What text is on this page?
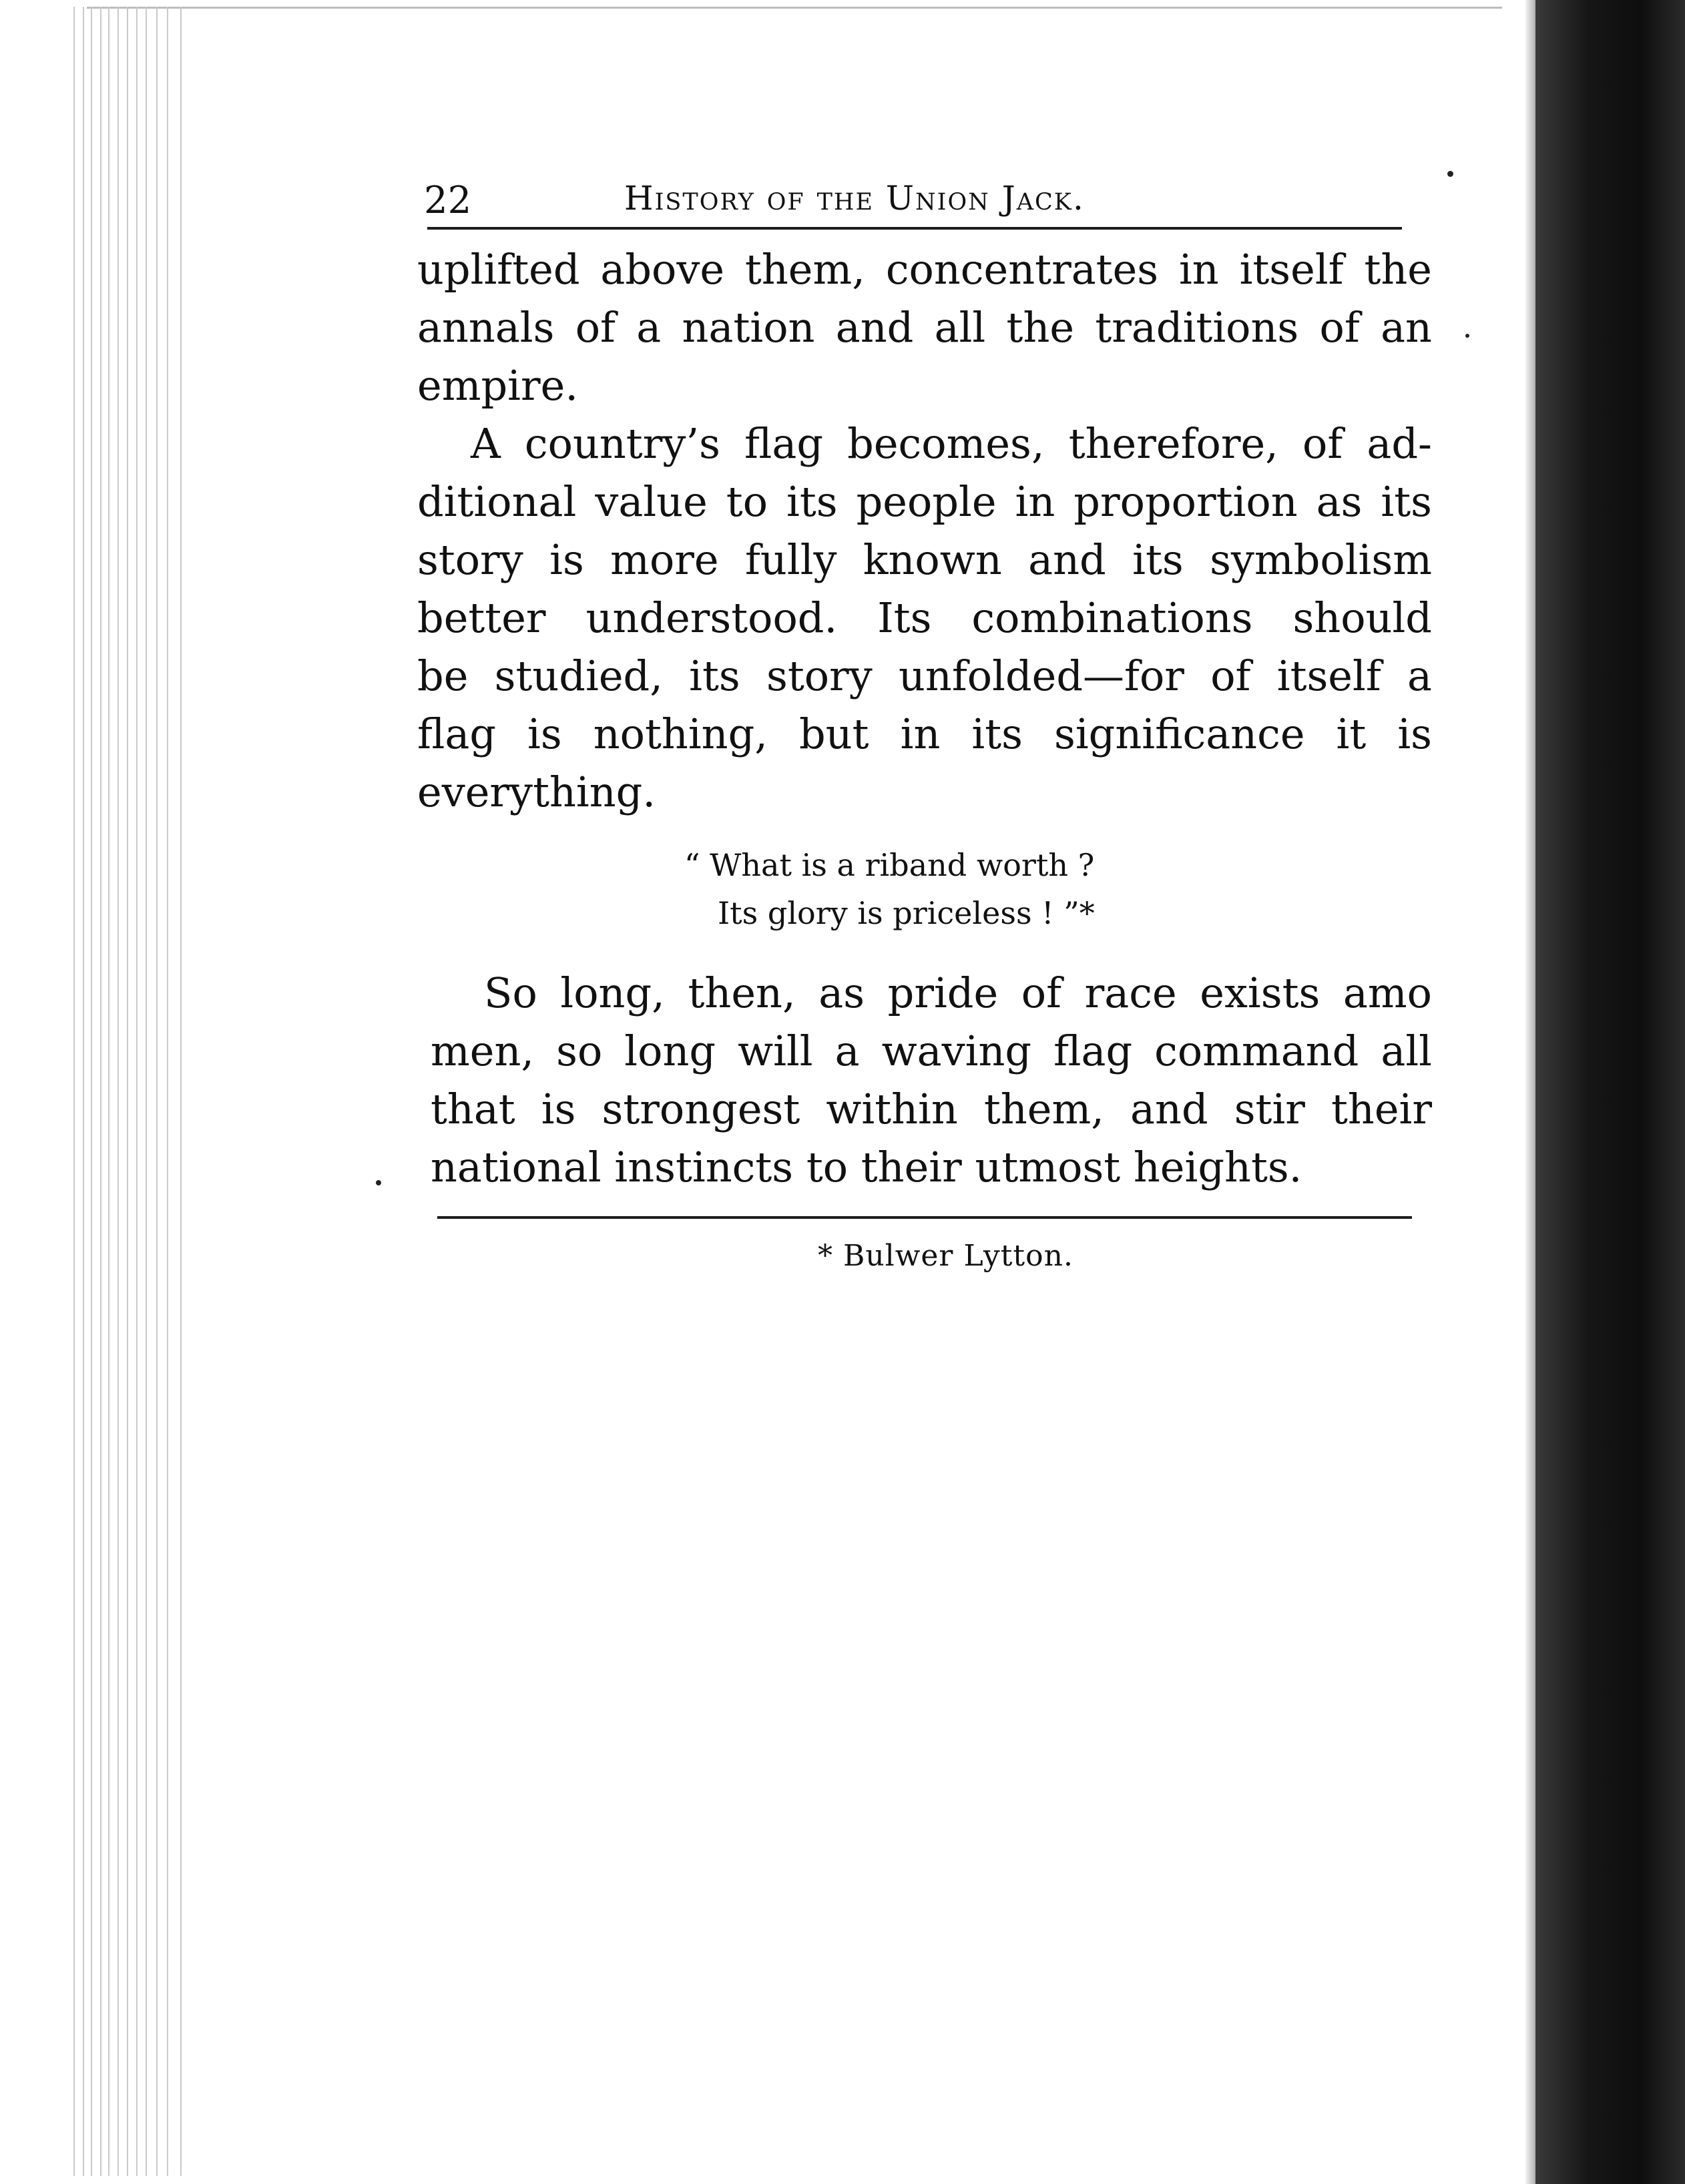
22	History of the Union Jack.
uplifted above them, concentrates in itself the
annals of a nation and all the traditions of an
empire.
A country’s flag becomes, therefore, of ad-
ditional value to its people in proportion as its
story is more fully known and its symbolism
better understood. Its combinations should
be studied, its story unfolded—for of itself a
flag is nothing, but in its significance it is
everything.
“ What is a riband worth ?
Its glory is priceless ! ”*
So long, then, as pride of race exists amo
men, so long will a waving flag command all
that is strongest within them, and stir their
national instincts to their utmost heights.
* Bulwer Lytton.
